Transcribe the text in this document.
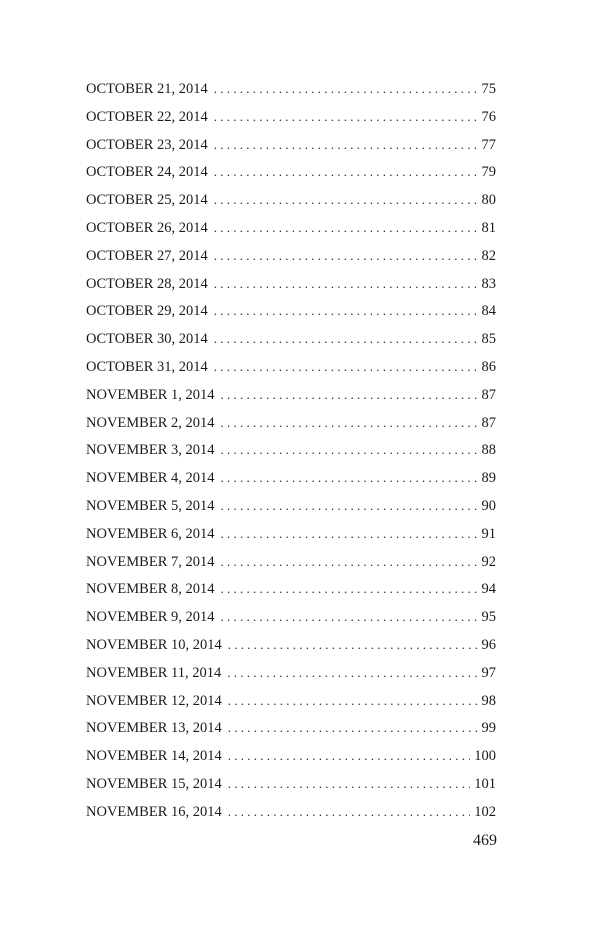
OCTOBER 21, 2014 . . .	75
OCTOBER 22, 2014 . . .	76
OCTOBER 23, 2014 . . .	77
OCTOBER 24, 2014 . . .	79
OCTOBER 25, 2014 . . .	80
OCTOBER 26, 2014 . . .	81
OCTOBER 27, 2014 . . .	82
OCTOBER 28, 2014 . . .	83
OCTOBER 29, 2014 . . .	84
OCTOBER 30, 2014 . . .	85
OCTOBER 31, 2014 . . .	86
NOVEMBER 1, 2014 . . .	87
NOVEMBER 2, 2014 . . .	87
NOVEMBER 3, 2014 . . .	88
NOVEMBER 4, 2014 . . .	89
NOVEMBER 5, 2014 . . .	90
NOVEMBER 6, 2014 . . .	91
NOVEMBER 7, 2014 . . .	92
NOVEMBER 8, 2014 . . .	94
NOVEMBER 9, 2014 . . .	95
NOVEMBER 10, 2014 . . .	96
NOVEMBER 11, 2014 . . .	97
NOVEMBER 12, 2014 . . .	98
NOVEMBER 13, 2014 . . .	99
NOVEMBER 14, 2014 . . .	100
NOVEMBER 15, 2014 . . .	101
NOVEMBER 16, 2014 . . .	102
469
